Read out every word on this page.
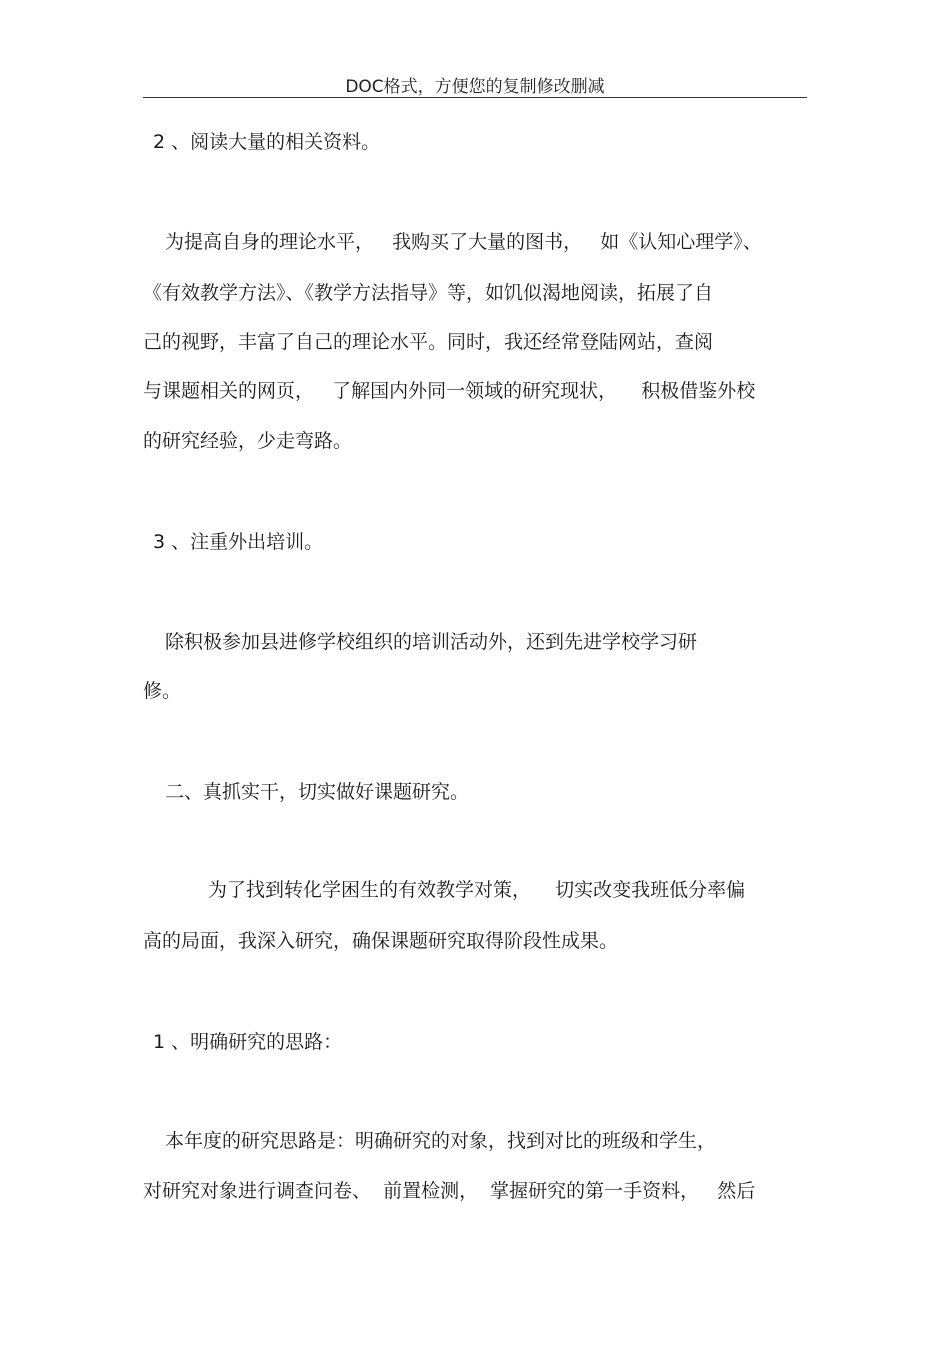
DOC格式，方便您的复制修改删减
2 、阅读大量的相关资料。
为提高自身的理论水平，   我购买了大量的图书，   如《认知心理学》、
《有效教学方法》、《教学方法指导》等，如饥似渴地阅读，拓展了自
己的视野，丰富了自己的理论水平。同时，我还经常登陆网站，查阅
与课题相关的网页，   了解国内外同一领域的研究现状，    积极借鉴外校
的研究经验，少走弯路。
3 、注重外出培训。
除积极参加县进修学校组织的培训活动外，还到先进学校学习研
修。
二、真抓实干，切实做好课题研究。
为了找到转化学困生的有效教学对策，    切实改变我班低分率偏
高的局面，我深入研究，确保课题研究取得阶段性成果。
1 、明确研究的思路：
本年度的研究思路是：明确研究的对象，找到对比的班级和学生，
对研究对象进行调查问卷、  前置检测，  掌握研究的第一手资料，   然后
